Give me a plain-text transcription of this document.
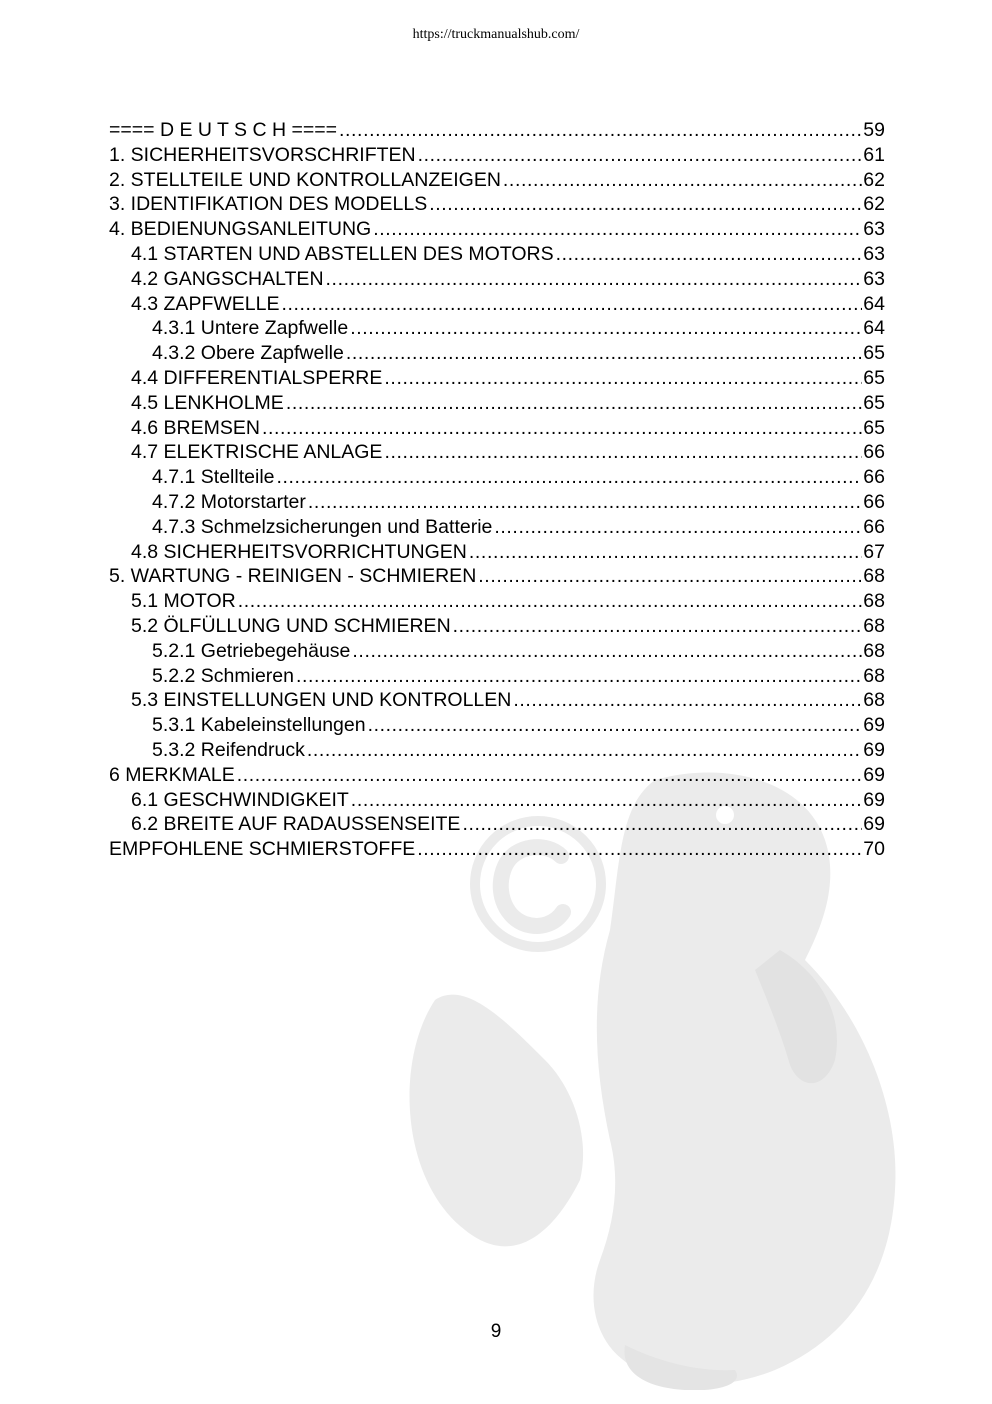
https://truckmanualshub.com/
==== D E U T S C H ==== .....	59
1. SICHERHEITSVORSCHRIFTEN .....	61
2. STELLTEILE UND KONTROLLANZEIGEN .....	62
3. IDENTIFIKATION DES MODELLS .....	62
4. BEDIENUNGSANLEITUNG .....	63
4.1 STARTEN UND ABSTELLEN DES MOTORS .....	63
4.2 GANGSCHALTEN .....	63
4.3 ZAPFWELLE .....	64
4.3.1 Untere Zapfwelle .....	64
4.3.2 Obere Zapfwelle .....	65
4.4 DIFFERENTIALSPERRE .....	65
4.5 LENKHOLME .....	65
4.6 BREMSEN .....	65
4.7 ELEKTRISCHE ANLAGE .....	66
4.7.1 Stellteile .....	66
4.7.2 Motorstarter .....	66
4.7.3 Schmelzsicherungen und Batterie .....	66
4.8 SICHERHEITSVORRICHTUNGEN .....	67
5. WARTUNG - REINIGEN - SCHMIEREN .....	68
5.1 MOTOR .....	68
5.2 ÖLFÜLLUNG UND SCHMIEREN .....	68
5.2.1 Getriebegehäuse .....	68
5.2.2 Schmieren .....	68
5.3 EINSTELLUNGEN UND KONTROLLEN .....	68
5.3.1 Kabeleinstellungen .....	69
5.3.2 Reifendruck .....	69
6 MERKMALE .....	69
6.1 GESCHWINDIGKEIT .....	69
6.2 BREITE AUF RADAUSSENSEITE .....	69
EMPFOHLENE SCHMIERSTOFFE .....	70
9
